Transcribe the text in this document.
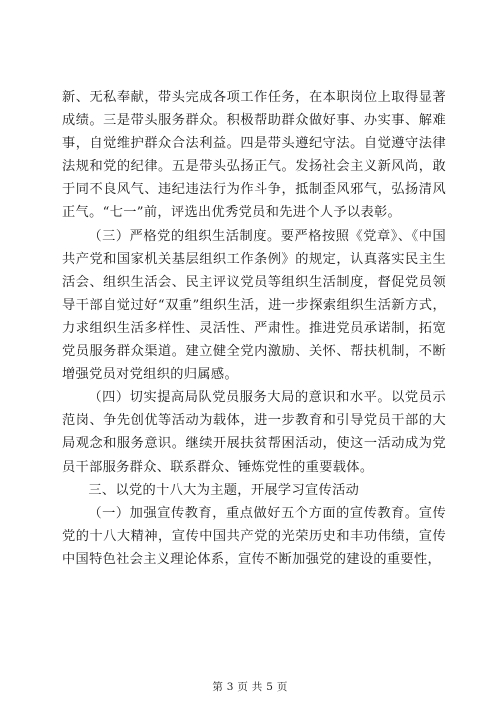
新、无私奉献，带头完成各项工作任务，在本职岗位上取得显著成绩。三是带头服务群众。积极帮助群众做好事、办实事、解难事，自觉维护群众合法利益。四是带头遵纪守法。自觉遵守法律法规和党的纪律。五是带头弘扬正气。发扬社会主义新风尚，敢于同不良风气、违纪违法行为作斗争，抵制歪风邪气，弘扬清风正气。“七一”前，评选出优秀党员和先进个人予以表彰。

（三）严格党的组织生活制度。要严格按照《党章》、《中国共产党和国家机关基层组织工作条例》的规定，认真落实民主生活会、组织生活会、民主评议党员等组织生活制度，督促党员领导干部自觉过好“双重”组织生活，进一步探索组织生活新方式，力求组织生活多样性、灵活性、严肃性。推进党员承诺制，拓宽党员服务群众渠道。建立健全党内激励、关怀、帮扶机制，不断增强党员对党组织的归属感。

（四）切实提高局队党员服务大局的意识和水平。以党员示范岗、争先创优等活动为载体，进一步教育和引导党员干部的大局观念和服务意识。继续开展扶贫帮困活动，使这一活动成为党员干部服务群众、联系群众、锤炼党性的重要载体。

三、以党的十八大为主题，开展学习宣传活动

（一）加强宣传教育，重点做好五个方面的宣传教育。宣传党的十八大精神，宣传中国共产党的光荣历史和丰功伟绩，宣传中国特色社会主义理论体系，宣传不断加强党的建设的重要性，

第 3 页 共 5 页
